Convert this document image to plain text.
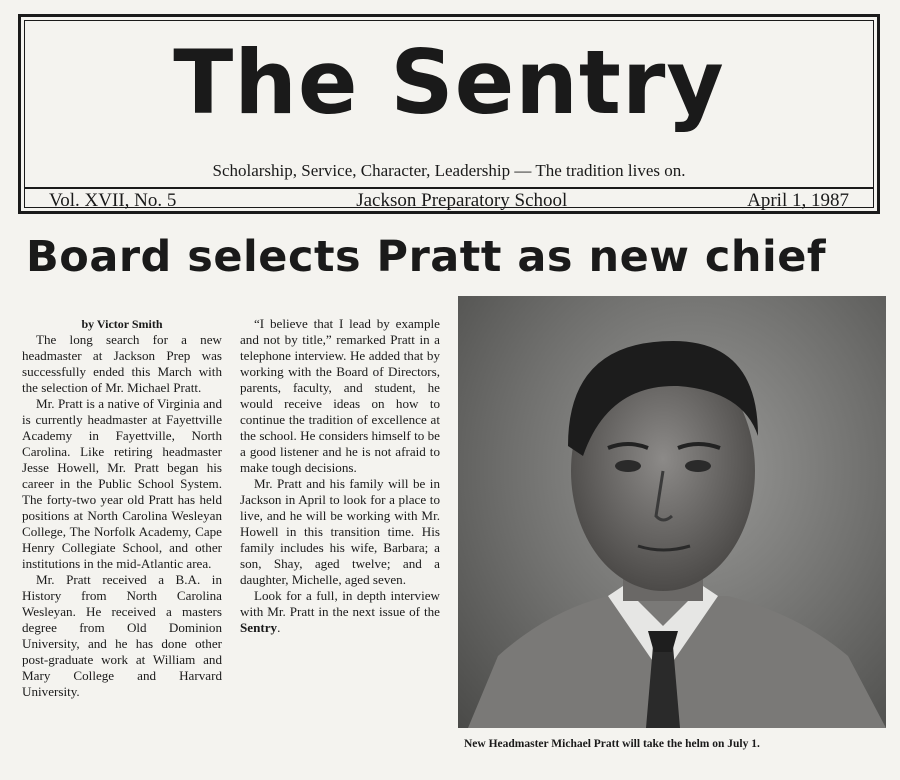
The Sentry
Scholarship, Service, Character, Leadership — The tradition lives on.
Vol. XVII, No. 5	Jackson Preparatory School	April 1, 1987
Board selects Pratt as new chief

by Victor Smith

The long search for a new headmaster at Jackson Prep was successfully ended this March with the selection of Mr. Michael Pratt.

Mr. Pratt is a native of Virginia and is currently headmaster at Fayettville Academy in Fayettville, North Carolina. Like retiring headmaster Jesse Howell, Mr. Pratt began his career in the Public School System. The forty-two year old Pratt has held positions at North Carolina Wesleyan College, The Norfolk Academy, Cape Henry Collegiate School, and other institutions in the mid-Atlantic area.

Mr. Pratt received a B.A. in History from North Carolina Wesleyan. He received a masters degree from Old Dominion University, and he has done other post-graduate work at William and Mary College and Harvard University.

“I believe that I lead by example and not by title,” remarked Pratt in a telephone interview. He added that by working with the Board of Directors, parents, faculty, and student, he would receive ideas on how to continue the tradition of excellence at the school. He considers himself to be a good listener and he is not afraid to make tough decisions.

Mr. Pratt and his family will be in Jackson in April to look for a place to live, and he will be working with Mr. Howell in this transition time. His family includes his wife, Barbara; a son, Shay, aged twelve; and a daughter, Michelle, aged seven.

Look for a full, in depth interview with Mr. Pratt in the next issue of the Sentry.

New Headmaster Michael Pratt will take the helm on July 1.
